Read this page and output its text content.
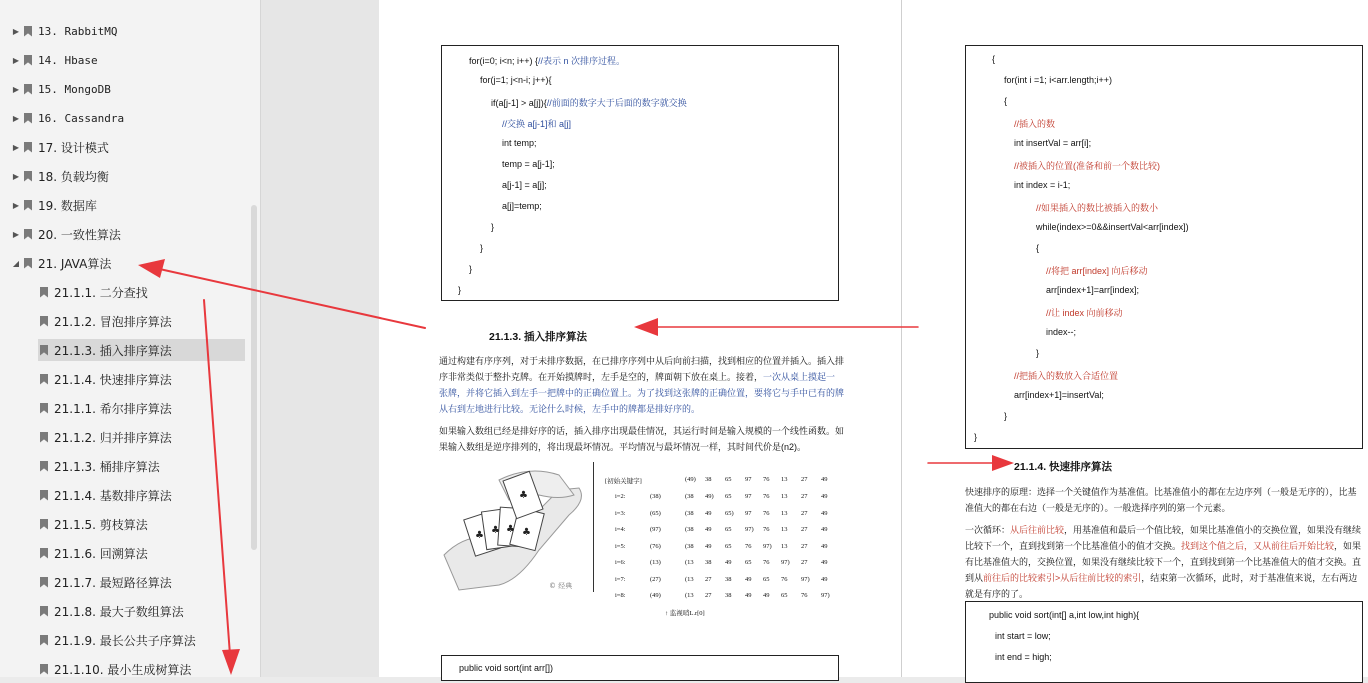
▶ 13. RabbitMQ
▶ 14. Hbase
▶ 15. MongoDB
▶ 16. Cassandra
▶ 17. 设计模式
▶ 18. 负载均衡
▶ 19. 数据库
▶ 20. 一致性算法
◢ 21. JAVA算法
21.1.1. 二分查找
21.1.2. 冒泡排序算法
21.1.3. 插入排序算法
21.1.4. 快速排序算法
21.1.1. 希尔排序算法
21.1.2. 归并排序算法
21.1.3. 桶排序算法
21.1.4. 基数排序算法
21.1.5. 剪枝算法
21.1.6. 回溯算法
21.1.7. 最短路径算法
21.1.8. 最大子数组算法
21.1.9. 最长公共子序算法
21.1.10. 最小生成树算法
for(i=0; i<n; i++) {//表示 n 次排序过程。
for(j=1; j<n-i; j++){
if(a[j-1] > a[j]){//前面的数字大于后面的数字就交换
//交换 a[j-1]和 a[j]
int temp;
temp = a[j-1];
a[j-1] = a[j];
a[j]=temp;
}
}
}
}
21.1.3. 插入排序算法
通过构建有序序列，对于未排序数据，在已排序序列中从后向前扫描，找到相应的位置并插入。插入排序非常类似于整扑克牌。在开始摸牌时，左手是空的，牌面朝下放在桌上。接着，一次从桌上摸起一张牌，并将它插入到左手一把牌中的正确位置上。为了找到这张牌的正确位置，要将它与手中已有的牌从右到左地进行比较。无论什么时候，左手中的牌都是排好序的。
如果输入数组已经是排好序的话，插入排序出现最佳情况，其运行时间是输入规模的一个线性函数。如果输入数组是逆序排列的，将出现最坏情况。平均情况与最坏情况一样，其时间代价是(n2)。
♣ ♣ ♣ ♣
♣
© 经典
[初始关键字]	(49) 38 65 97 76 13 27 49
i=2:	(38)	(38 49) 65 97 76 13 27 49
i=3:	(65)	(38 49 65) 97 76 13 27 49
i=4:	(97)	(38 49 65 97) 76 13 27 49
i=5:	(76)	(38 49 65 76 97) 13 27 49
i=6:	(13)	(13 38 49 65 76 97) 27 49
i=7:	(27)	(13 27 38 49 65 76 97) 49
i=8:	(49)	(13 27 38 49 49 65 76 97)
↑ 监视哨L.r[0]
public void sort(int arr[])
{
for(int i =1; i<arr.length;i++)
{
//插入的数
int insertVal = arr[i];
//被插入的位置(准备和前一个数比较)
int index = i-1;
//如果插入的数比被插入的数小
while(index>=0&&insertVal<arr[index])
{
//将把 arr[index] 向后移动
arr[index+1]=arr[index];
//让 index 向前移动
index--;
}
//把插入的数放入合适位置
arr[index+1]=insertVal;
}
}
21.1.4. 快速排序算法
快速排序的原理：选择一个关键值作为基准值。比基准值小的都在左边序列（一般是无序的），比基准值大的都在右边（一般是无序的）。一般选择序列的第一个元素。
一次循环：从后往前比较，用基准值和最后一个值比较，如果比基准值小的交换位置，如果没有继续比较下一个，直到找到第一个比基准值小的值才交换。找到这个值之后，又从前往后开始比较，如果有比基准值大的，交换位置，如果没有继续比较下一个，直到找到第一个比基准值大的值才交换。直到从前往后的比较索引>从后往前比较的索引，结束第一次循环，此时，对于基准值来说，左右两边就是有序的了。
public void sort(int[] a,int low,int high){
int start = low;
int end = high;
